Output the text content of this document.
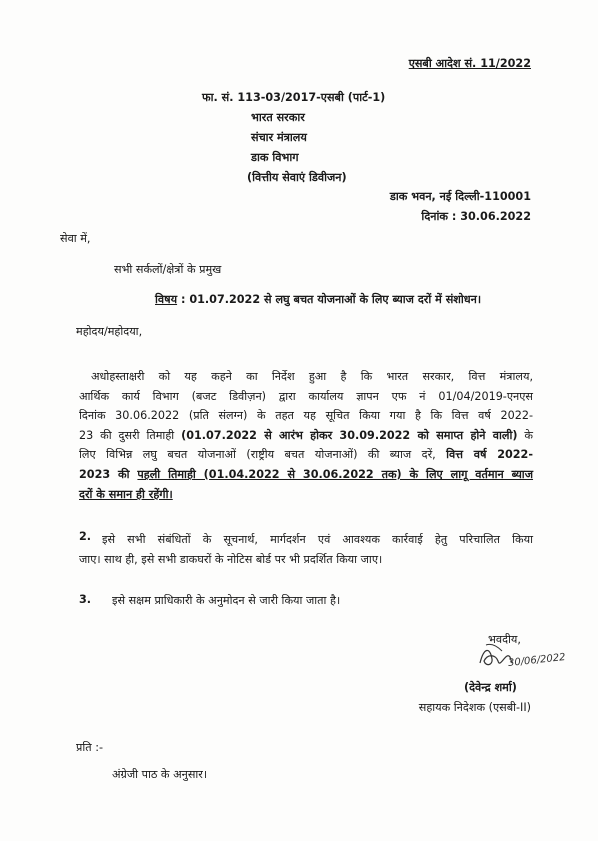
एसबी आदेश सं. 11/2022
फा. सं. 113-03/2017-एसबी (पार्ट-1)
भारत सरकार
संचार मंत्रालय
डाक विभाग
(वित्तीय सेवाएं डिवीजन)
डाक भवन, नई दिल्ली-110001
दिनांक : 30.06.2022
सेवा में,
सभी सर्कलों/क्षेत्रों के प्रमुख
विषय : 01.07.2022 से लघु बचत योजनाओं के लिए ब्याज दरों में संशोधन।
महोदय/महोदया,
अधोहस्ताक्षरी को यह कहने का निर्देश हुआ है कि भारत सरकार, वित्त मंत्रालय,
आर्थिक कार्य विभाग (बजट डिवीज़न) द्वारा कार्यालय ज्ञापन एफ नं 01/04/2019-एनएस
दिनांक 30.06.2022 (प्रति संलग्न) के तहत यह सूचित किया गया है कि वित्त वर्ष 2022-
23 की दुसरी तिमाही (01.07.2022 से आरंभ होकर 30.09.2022 को समाप्त होने वाली) के
लिए विभिन्न लघु बचत योजनाओं (राष्ट्रीय बचत योजनाओं) की ब्याज दरें, वित्त वर्ष 2022-
2023 की पहली तिमाही (01.04.2022 से 30.06.2022 तक) के लिए लागू वर्तमान ब्याज
दरों के समान ही रहेंगी।
2. इसे सभी संबंधितों के सूचनार्थ, मार्गदर्शन एवं आवश्यक कार्रवाई हेतु परिचालित किया
जाए। साथ ही, इसे सभी डाकघरों के नोटिस बोर्ड पर भी प्रदर्शित किया जाए।
3. इसे सक्षम प्राधिकारी के अनुमोदन से जारी किया जाता है।
भवदीय,
30/06/2022
(देवेन्द्र शर्मा)
सहायक निदेशक (एसबी-II)
प्रति :-
अंग्रेजी पाठ के अनुसार।
